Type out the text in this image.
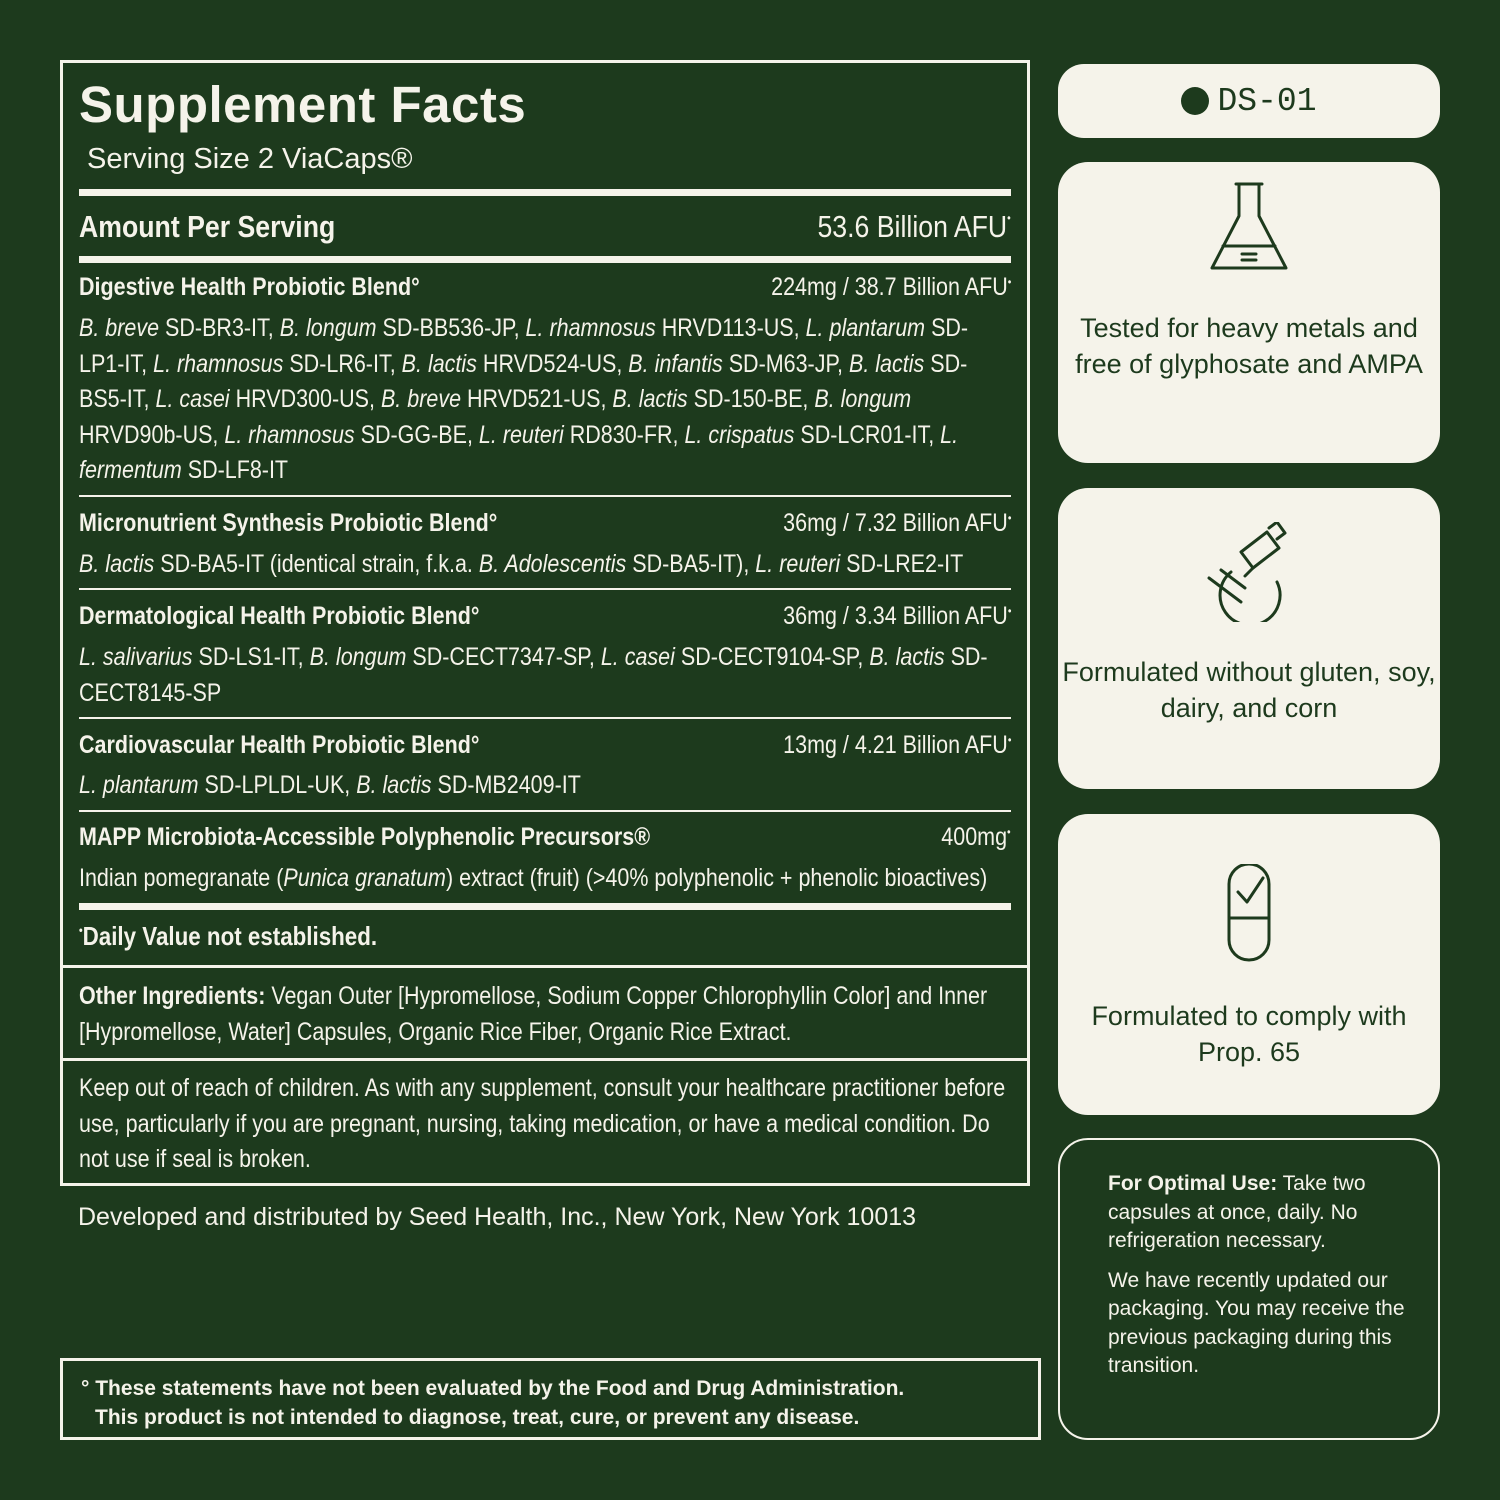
Supplement Facts
Serving Size 2 ViaCaps®
Amount Per Serving	53.6 Billion AFU•
Digestive Health Probiotic Blend°	224mg / 38.7 Billion AFU•
B. breve SD-BR3-IT, B. longum SD-BB536-JP, L. rhamnosus HRVD113-US, L. plantarum SD-LP1-IT, L. rhamnosus SD-LR6-IT, B. lactis HRVD524-US, B. infantis SD-M63-JP, B. lactis SD-BS5-IT, L. casei HRVD300-US, B. breve HRVD521-US, B. lactis SD-150-BE, B. longum HRVD90b-US, L. rhamnosus SD-GG-BE, L. reuteri RD830-FR, L. crispatus SD-LCR01-IT, L. fermentum SD-LF8-IT
Micronutrient Synthesis Probiotic Blend°	36mg / 7.32 Billion AFU•
B. lactis SD-BA5-IT (identical strain, f.k.a. B. Adolescentis SD-BA5-IT), L. reuteri SD-LRE2-IT
Dermatological Health Probiotic Blend°	36mg / 3.34 Billion AFU•
L. salivarius SD-LS1-IT, B. longum SD-CECT7347-SP, L. casei SD-CECT9104-SP, B. lactis SD-CECT8145-SP
Cardiovascular Health Probiotic Blend°	13mg / 4.21 Billion AFU•
L. plantarum SD-LPLDL-UK, B. lactis SD-MB2409-IT
MAPP Microbiota-Accessible Polyphenolic Precursors®	400mg•
Indian pomegranate (Punica granatum) extract (fruit) (>40% polyphenolic + phenolic bioactives)
•Daily Value not established.
Other Ingredients: Vegan Outer [Hypromellose, Sodium Copper Chlorophyllin Color] and Inner [Hypromellose, Water] Capsules, Organic Rice Fiber, Organic Rice Extract.
Keep out of reach of children. As with any supplement, consult your healthcare practitioner before use, particularly if you are pregnant, nursing, taking medication, or have a medical condition. Do not use if seal is broken.
Developed and distributed by Seed Health, Inc., New York, New York 10013
° These statements have not been evaluated by the Food and Drug Administration.
This product is not intended to diagnose, treat, cure, or prevent any disease.
DS-01
Tested for heavy metals and free of glyphosate and AMPA
Formulated without gluten, soy, dairy, and corn
Formulated to comply with Prop. 65

For Optimal Use: Take two capsules at once, daily. No refrigeration necessary.

We have recently updated our packaging. You may receive the previous packaging during this transition.
